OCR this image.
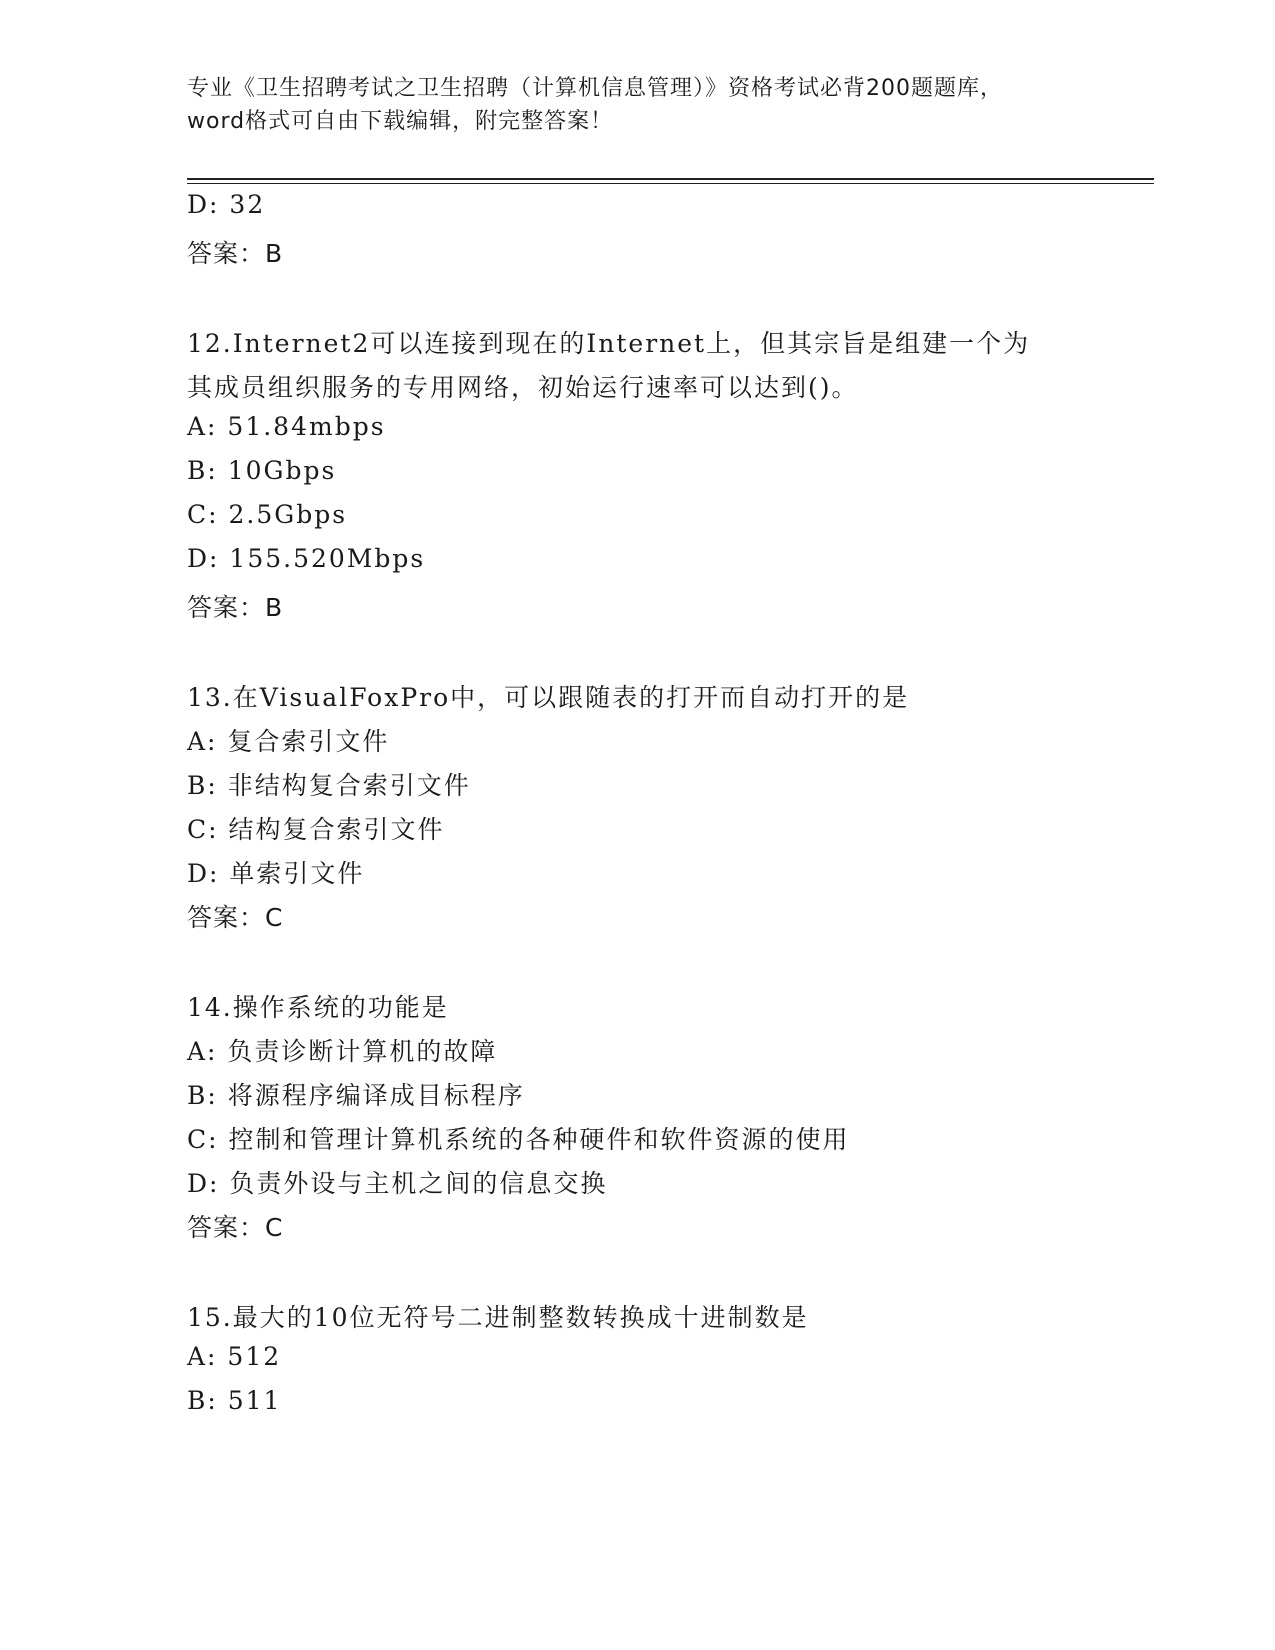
专业《卫生招聘考试之卫生招聘（计算机信息管理）》资格考试必背200题题库，
word格式可自由下载编辑，附完整答案！
D: 32
答案：B
12.Internet2可以连接到现在的Internet上，但其宗旨是组建一个为
其成员组织服务的专用网络，初始运行速率可以达到()。
A: 51.84mbps
B: 10Gbps
C: 2.5Gbps
D: 155.520Mbps
答案：B
13.在VisualFoxPro中，可以跟随表的打开而自动打开的是
A: 复合索引文件
B: 非结构复合索引文件
C: 结构复合索引文件
D: 单索引文件
答案：C
14.操作系统的功能是
A: 负责诊断计算机的故障
B: 将源程序编译成目标程序
C: 控制和管理计算机系统的各种硬件和软件资源的使用
D: 负责外设与主机之间的信息交换
答案：C
15.最大的10位无符号二进制整数转换成十进制数是
A: 512
B: 511
